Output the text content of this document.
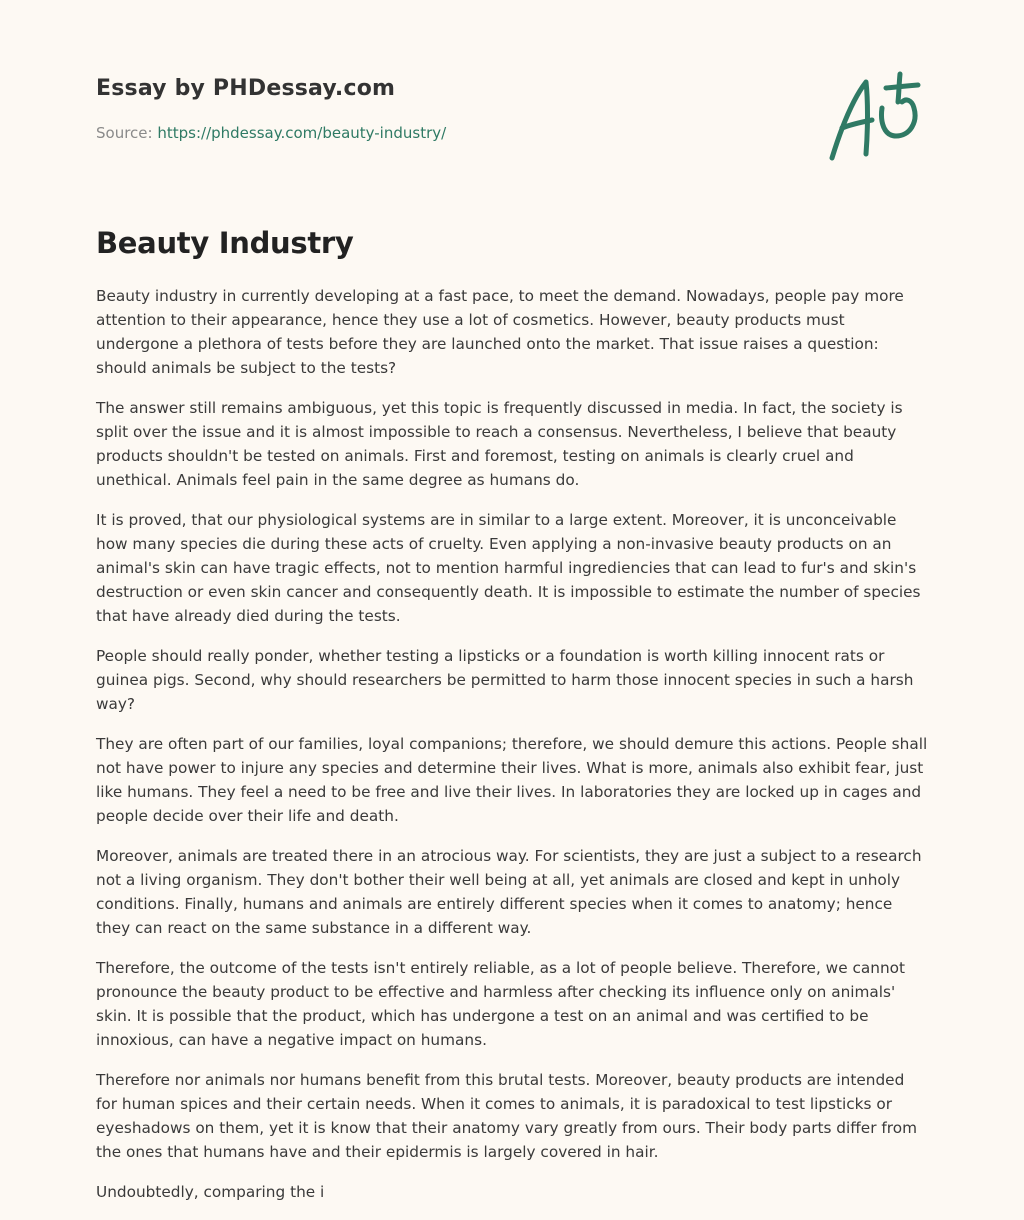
Essay by PHDessay.com
Source: https://phdessay.com/beauty-industry/
Beauty Industry

Beauty industry in currently developing at a fast pace, to meet the demand. Nowadays, people pay more attention to their appearance, hence they use a lot of cosmetics. However, beauty products must undergone a plethora of tests before they are launched onto the market. That issue raises a question: should animals be subject to the tests?

The answer still remains ambiguous, yet this topic is frequently discussed in media. In fact, the society is split over the issue and it is almost impossible to reach a consensus. Nevertheless, I believe that beauty products shouldn't be tested on animals. First and foremost, testing on animals is clearly cruel and unethical. Animals feel pain in the same degree as humans do.

It is proved, that our physiological systems are in similar to a large extent. Moreover, it is unconceivable how many species die during these acts of cruelty. Even applying a non-invasive beauty products on an animal's skin can have tragic effects, not to mention harmful ingrediencies that can lead to fur's and skin's destruction or even skin cancer and consequently death. It is impossible to estimate the number of species that have already died during the tests.

People should really ponder, whether testing a lipsticks or a foundation is worth killing innocent rats or guinea pigs. Second, why should researchers be permitted to harm those innocent species in such a harsh way?

They are often part of our families, loyal companions; therefore, we should demure this actions. People shall not have power to injure any species and determine their lives. What is more, animals also exhibit fear, just like humans. They feel a need to be free and live their lives. In laboratories they are locked up in cages and people decide over their life and death.

Moreover, animals are treated there in an atrocious way. For scientists, they are just a subject to a research not a living organism. They don't bother their well being at all, yet animals are closed and kept in unholy conditions. Finally, humans and animals are entirely different species when it comes to anatomy; hence they can react on the same substance in a different way.

Therefore, the outcome of the tests isn't entirely reliable, as a lot of people believe. Therefore, we cannot pronounce the beauty product to be effective and harmless after checking its influence only on animals' skin. It is possible that the product, which has undergone a test on an animal and was certified to be innoxious, can have a negative impact on humans.

Therefore nor animals nor humans benefit from this brutal tests. Moreover, beauty products are intended for human spices and their certain needs. When it comes to animals, it is paradoxical to test lipsticks or eyeshadows on them, yet it is know that their anatomy vary greatly from ours. Their body parts differ from the ones that humans have and their epidermis is largely covered in hair.

Undoubtedly, comparing the i
